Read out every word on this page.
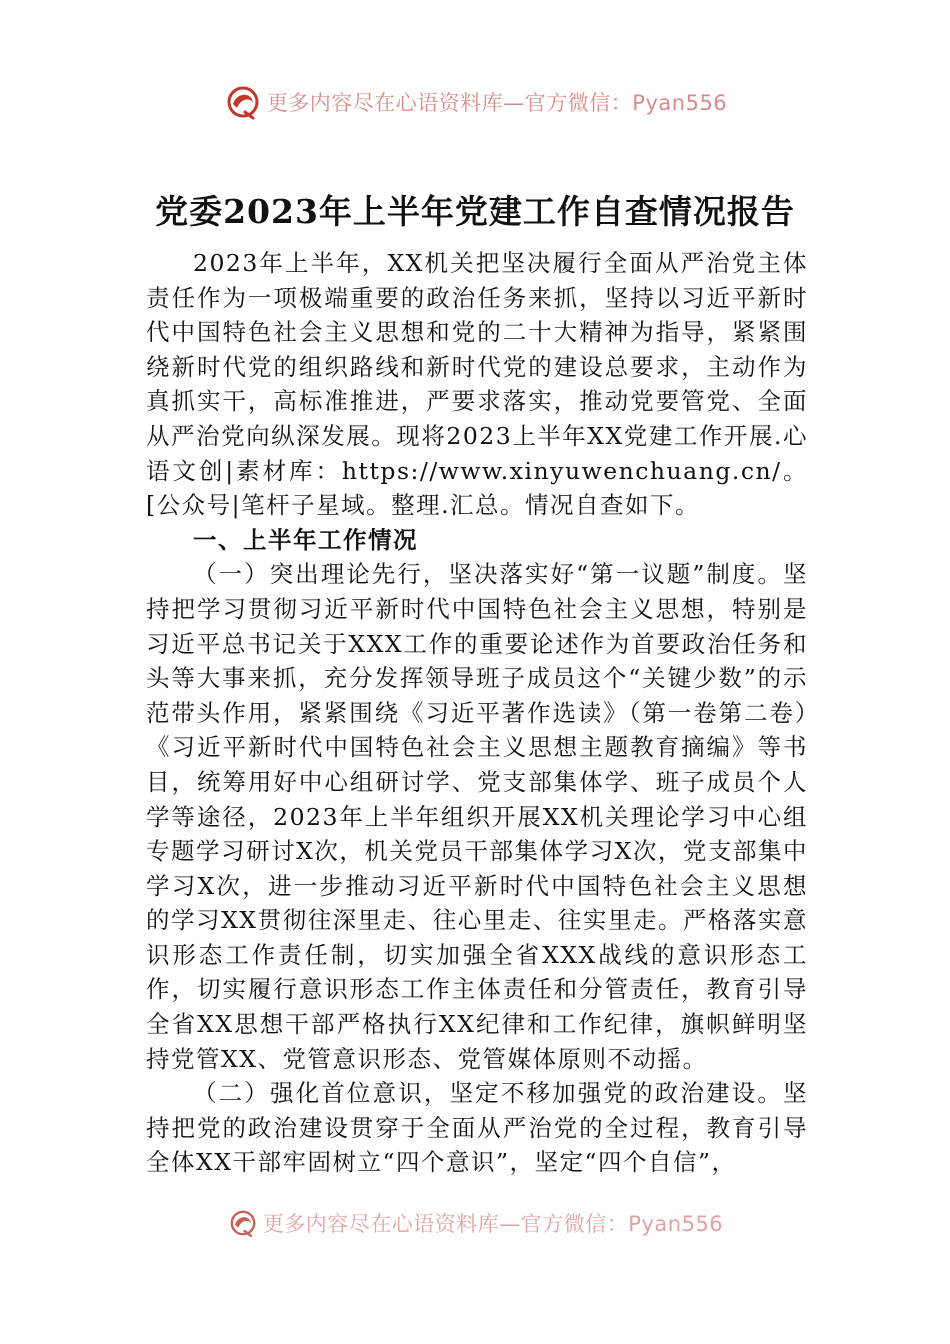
更多内容尽在心语资料库—官方微信：Pyan556
党委2023年上半年党建工作自查情况报告

2023年上半年，XX机关把坚决履行全面从严治党主体责任作为一项极端重要的政治任务来抓，坚持以习近平新时代中国特色社会主义思想和党的二十大精神为指导，紧紧围绕新时代党的组织路线和新时代党的建设总要求，主动作为真抓实干，高标准推进，严要求落实，推动党要管党、全面从严治党向纵深发展。现将2023上半年XX党建工作开展.心语文创|素材库：https://www.xinyuwenchuang.cn/。[公众号|笔杆子星域。整理.汇总。情况自查如下。

一、上半年工作情况

（一）突出理论先行，坚决落实好“第一议题”制度。坚持把学习贯彻习近平新时代中国特色社会主义思想，特别是习近平总书记关于XXX工作的重要论述作为首要政治任务和头等大事来抓，充分发挥领导班子成员这个“关键少数”的示范带头作用，紧紧围绕《习近平著作选读》（第一卷第二卷）《习近平新时代中国特色社会主义思想主题教育摘编》等书目，统筹用好中心组研讨学、党支部集体学、班子成员个人学等途径，2023年上半年组织开展XX机关理论学习中心组专题学习研讨X次，机关党员干部集体学习X次，党支部集中学习X次，进一步推动习近平新时代中国特色社会主义思想的学习XX贯彻往深里走、往心里走、往实里走。严格落实意识形态工作责任制，切实加强全省XXX战线的意识形态工作，切实履行意识形态工作主体责任和分管责任，教育引导全省XX思想干部严格执行XX纪律和工作纪律，旗帜鲜明坚持党管XX、党管意识形态、党管媒体原则不动摇。

（二）强化首位意识，坚定不移加强党的政治建设。坚持把党的政治建设贯穿于全面从严治党的全过程，教育引导全体XX干部牢固树立“四个意识”，坚定“四个自信”，

更多内容尽在心语资料库—官方微信：Pyan556
